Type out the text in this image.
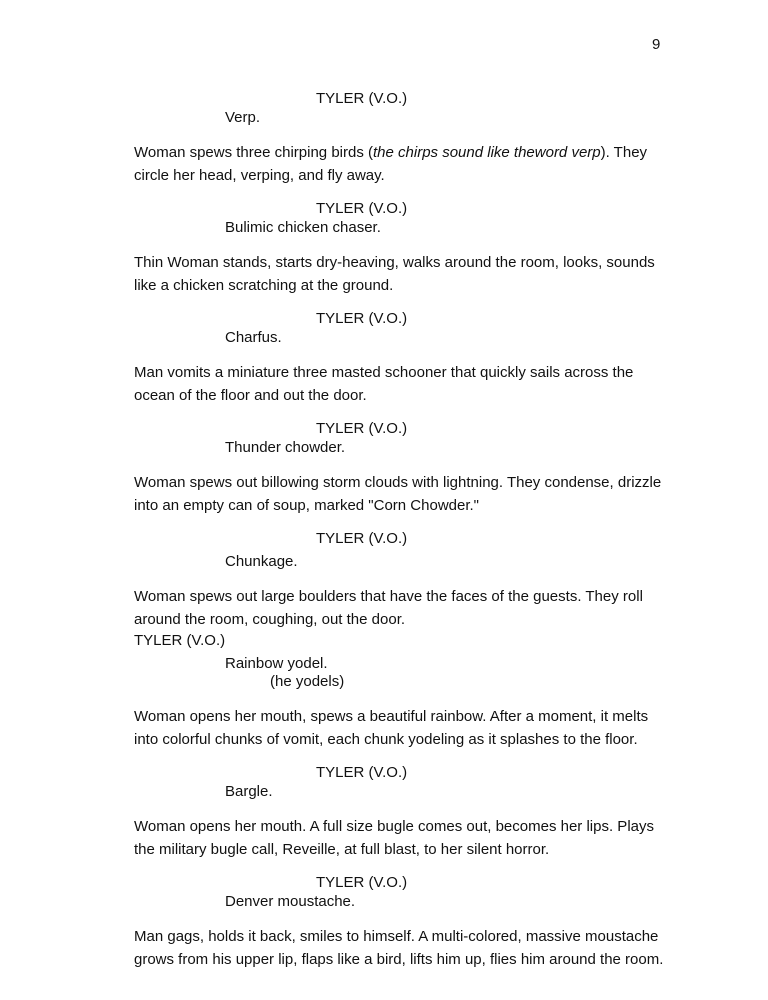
9

TYLER (V.O.)

Verp.

Woman spews three chirping birds (the chirps sound like theword verp). They circle her head, verping, and fly away.

TYLER (V.O.)

Bulimic chicken chaser.

Thin Woman stands, starts dry-heaving, walks around the room, looks, sounds like a chicken scratching at the ground.

TYLER (V.O.)

Charfus.

Man vomits a miniature three masted schooner that quickly sails across the ocean of the floor and out the door.

TYLER (V.O.)

Thunder chowder.

Woman spews out billowing storm clouds with lightning. They condense, drizzle into an empty can of soup, marked "Corn Chowder."

TYLER (V.O.)

Chunkage.

Woman spews out large boulders that have the faces of the guests. They roll around the room, coughing, out the door.

TYLER (V.O.)

Rainbow yodel.

(he yodels)

Woman opens her mouth, spews a beautiful rainbow. After a moment, it melts into colorful chunks of vomit, each chunk yodeling as it splashes to the floor.

TYLER (V.O.)

Bargle.

Woman opens her mouth. A full size bugle comes out, becomes her lips. Plays the military bugle call, Reveille, at full blast, to her silent horror.

TYLER (V.O.)

Denver moustache.

Man gags, holds it back, smiles to himself. A multi-colored, massive moustache grows from his upper lip, flaps like a bird, lifts him up, flies him around the room.
